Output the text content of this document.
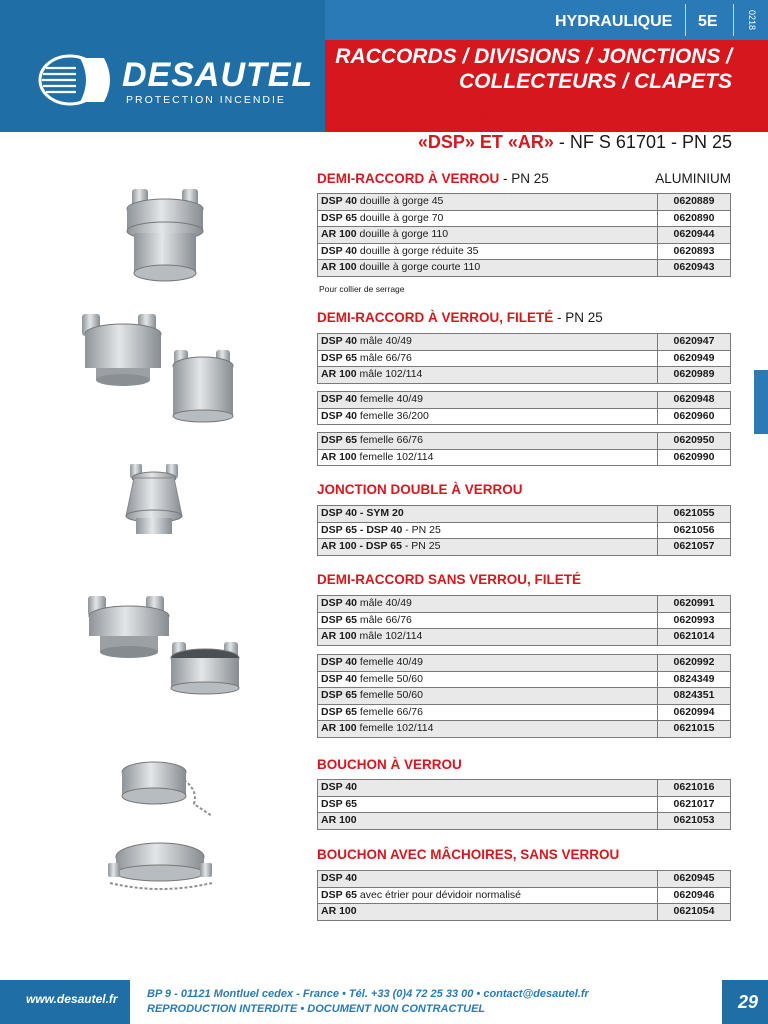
DESAUTEL
PROTECTION INCENDIE
HYDRAULIQUE 5E	0218
RACCORDS / DIVISIONS / JONCTIONS /
COLLECTEURS / CLAPETS
RACCORDS SYMÉTRIQUES AUTO-ÉTANCHES
«DSP» ET «AR» - NF S 61701 - PN 25
DEMI-RACCORD À VERROU - PN 25	ALUMINIUM
DSP 40 douille à gorge 45	0620889
DSP 65 douille à gorge 70	0620890
AR 100 douille à gorge 110	0620944
DSP 40 douille à gorge réduite 35	0620893
AR 100 douille à gorge courte 110	0620943
Pour collier de serrage
DEMI-RACCORD À VERROU, FILETÉ - PN 25
DSP 40 mâle 40/49	0620947
DSP 65 mâle 66/76	0620949
AR 100 mâle 102/114	0620989
DSP 40 femelle 40/49	0620948
DSP 40 femelle 36/200	0620960
DSP 65 femelle 66/76	0620950
AR 100 femelle 102/114	0620990
JONCTION DOUBLE À VERROU
DSP 40 - SYM 20	0621055
DSP 65 - DSP 40 - PN 25	0621056
AR 100 - DSP 65 - PN 25	0621057
DEMI-RACCORD SANS VERROU, FILETÉ
DSP 40 mâle 40/49	0620991
DSP 65 mâle 66/76	0620993
AR 100 mâle 102/114	0621014
DSP 40 femelle 40/49	0620992
DSP 40 femelle 50/60	0824349
DSP 65 femelle 50/60	0824351
DSP 65 femelle 66/76	0620994
AR 100 femelle 102/114	0621015
BOUCHON À VERROU
DSP 40	0621016
DSP 65	0621017
AR 100	0621053
BOUCHON AVEC MÂCHOIRES, SANS VERROU
DSP 40	0620945
DSP 65 avec étrier pour dévidoir normalisé	0620946
AR 100	0621054
www.desautel.fr	BP 9 - 01121 Montluel cedex - France • Tél. +33 (0)4 72 25 33 00 • contact@desautel.fr
REPRODUCTION INTERDITE • DOCUMENT NON CONTRACTUEL	29
